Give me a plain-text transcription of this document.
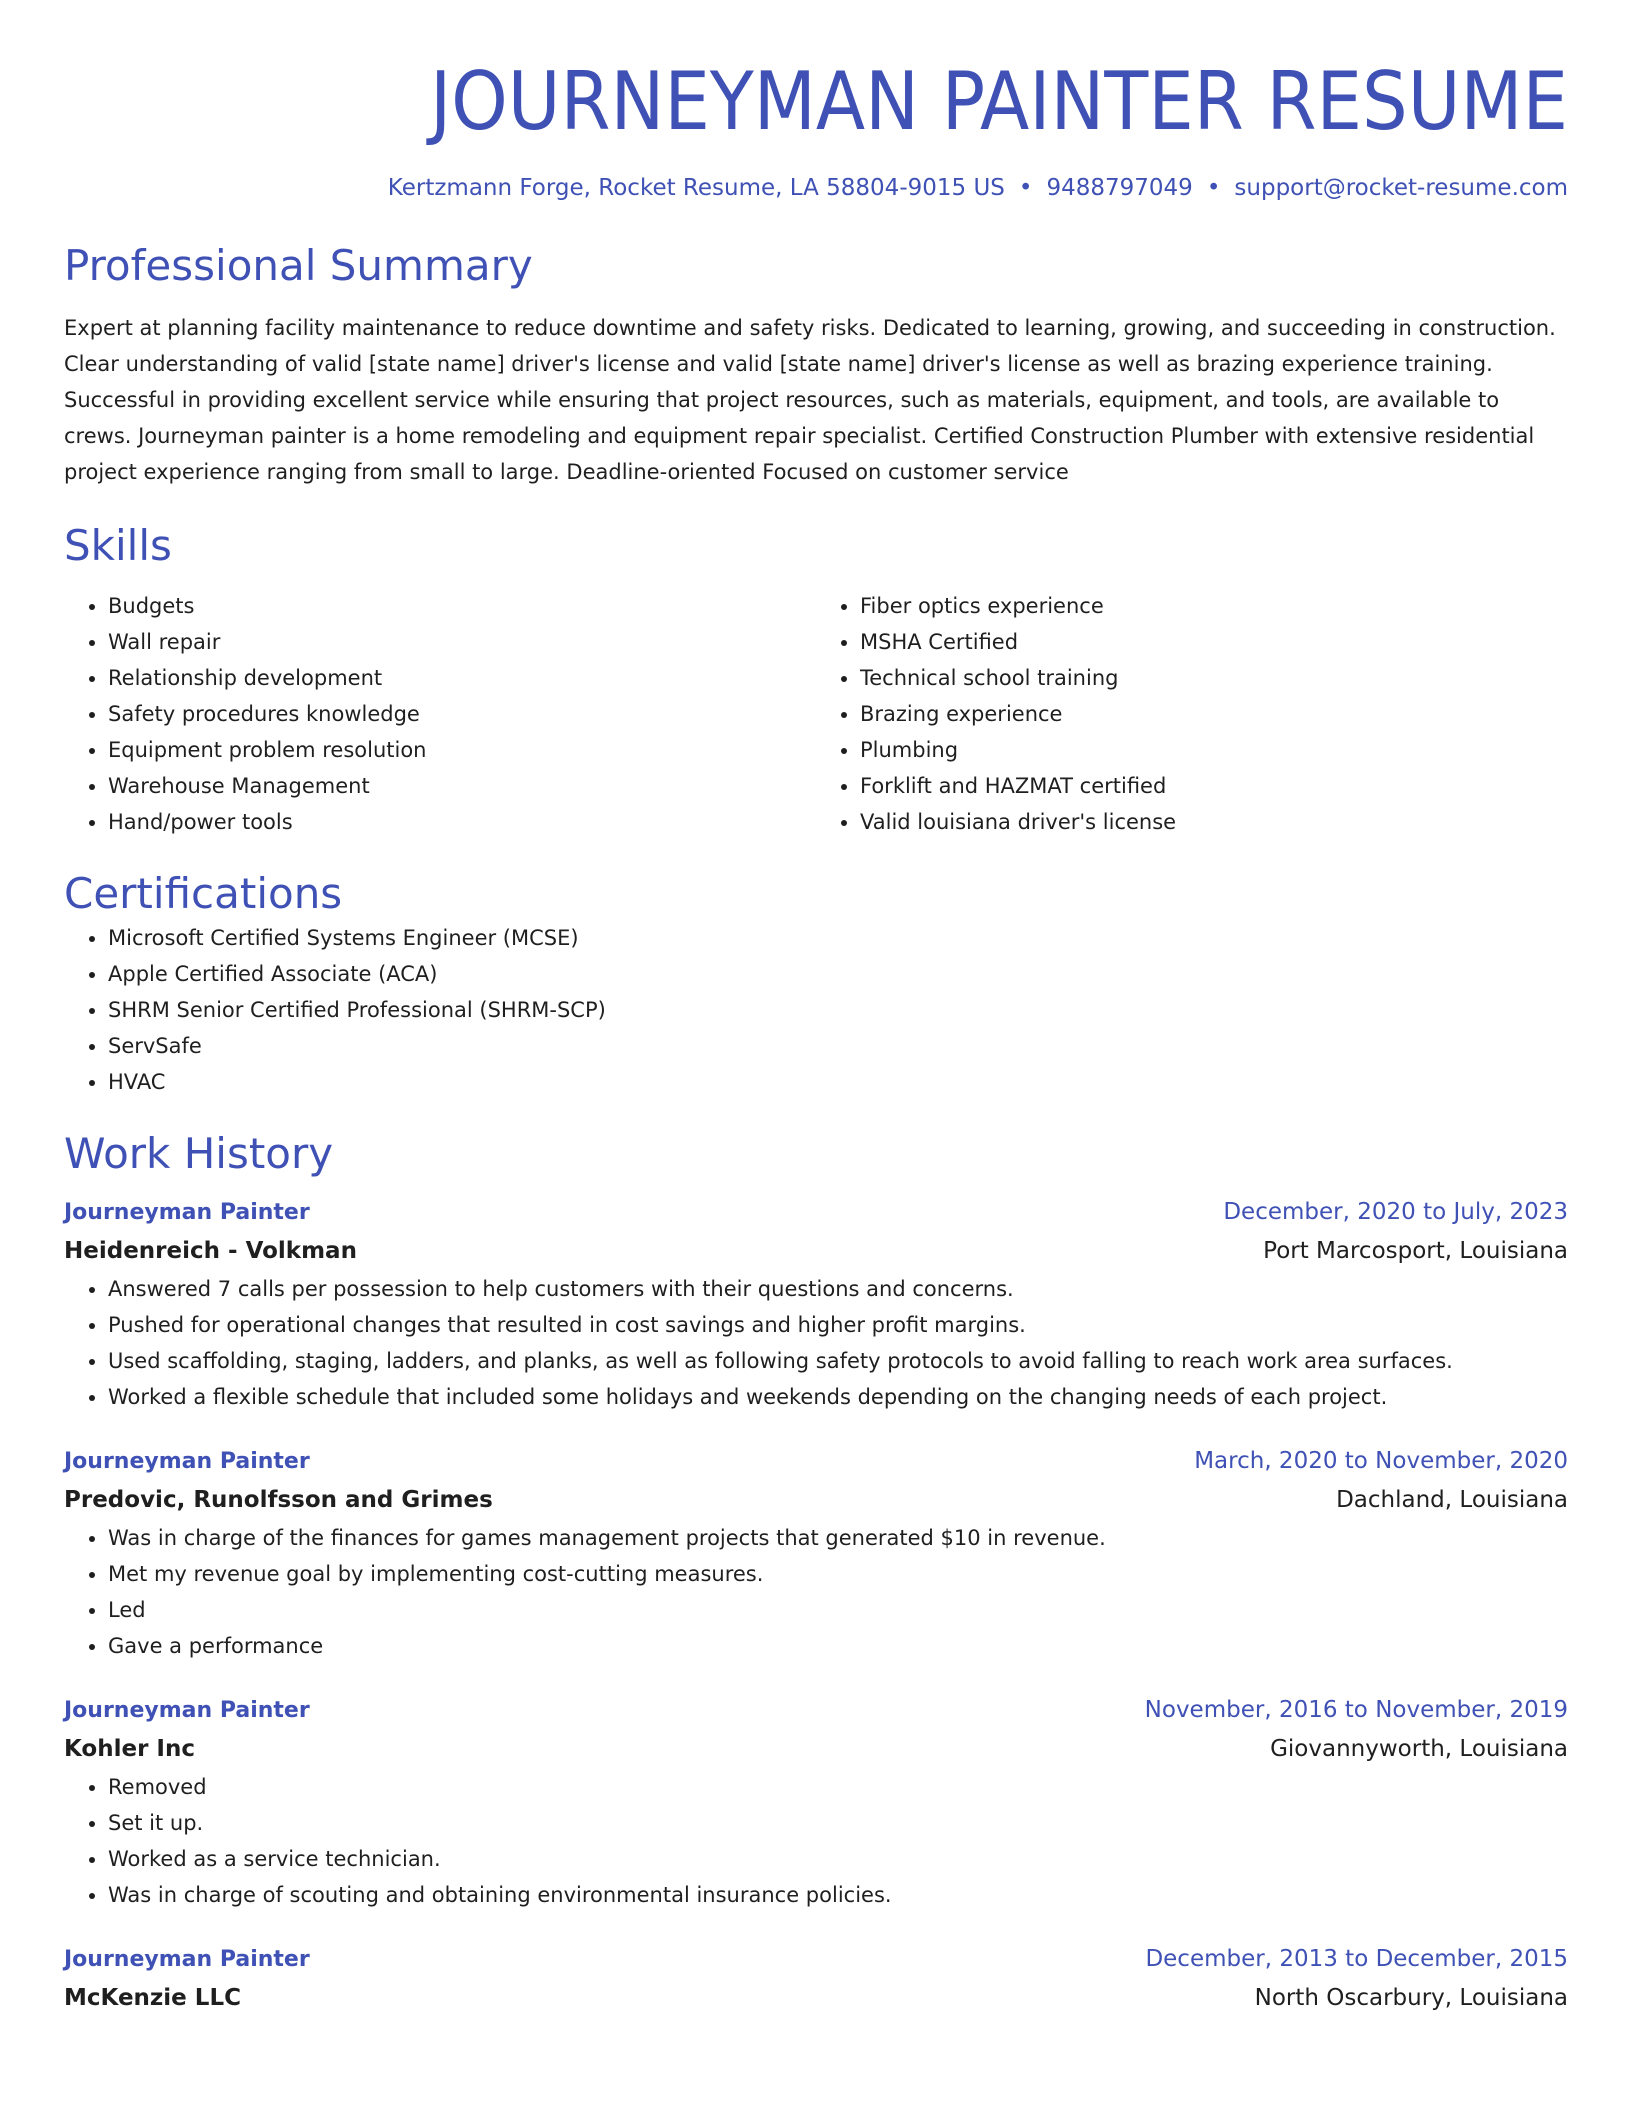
JOURNEYMAN PAINTER RESUME
Kertzmann Forge, Rocket Resume, LA 58804-9015 US • 9488797049 • support@rocket-resume.com
Professional Summary

Expert at planning facility maintenance to reduce downtime and safety risks. Dedicated to learning, growing, and succeeding in construction. Clear understanding of valid [state name] driver's license and valid [state name] driver's license as well as brazing experience training. Successful in providing excellent service while ensuring that project resources, such as materials, equipment, and tools, are available to crews. Journeyman painter is a home remodeling and equipment repair specialist. Certified Construction Plumber with extensive residential project experience ranging from small to large. Deadline-oriented Focused on customer service

Skills
• Budgets
• Wall repair
• Relationship development
• Safety procedures knowledge
• Equipment problem resolution
• Warehouse Management
• Hand/power tools
• Fiber optics experience
• MSHA Certified
• Technical school training
• Brazing experience
• Plumbing
• Forklift and HAZMAT certified
• Valid louisiana driver's license
Certifications
• Microsoft Certified Systems Engineer (MCSE)
• Apple Certified Associate (ACA)
• SHRM Senior Certified Professional (SHRM-SCP)
• ServSafe
• HVAC
Work History
Journeyman Painter	December, 2020 to July, 2023
Heidenreich - Volkman	Port Marcosport, Louisiana
• Answered 7 calls per possession to help customers with their questions and concerns.
• Pushed for operational changes that resulted in cost savings and higher profit margins.
• Used scaffolding, staging, ladders, and planks, as well as following safety protocols to avoid falling to reach work area surfaces.
• Worked a flexible schedule that included some holidays and weekends depending on the changing needs of each project.
Journeyman Painter	March, 2020 to November, 2020
Predovic, Runolfsson and Grimes	Dachland, Louisiana
• Was in charge of the finances for games management projects that generated $10 in revenue.
• Met my revenue goal by implementing cost-cutting measures.
• Led
• Gave a performance
Journeyman Painter	November, 2016 to November, 2019
Kohler Inc	Giovannyworth, Louisiana
• Removed
• Set it up.
• Worked as a service technician.
• Was in charge of scouting and obtaining environmental insurance policies.
Journeyman Painter	December, 2013 to December, 2015
McKenzie LLC	North Oscarbury, Louisiana
